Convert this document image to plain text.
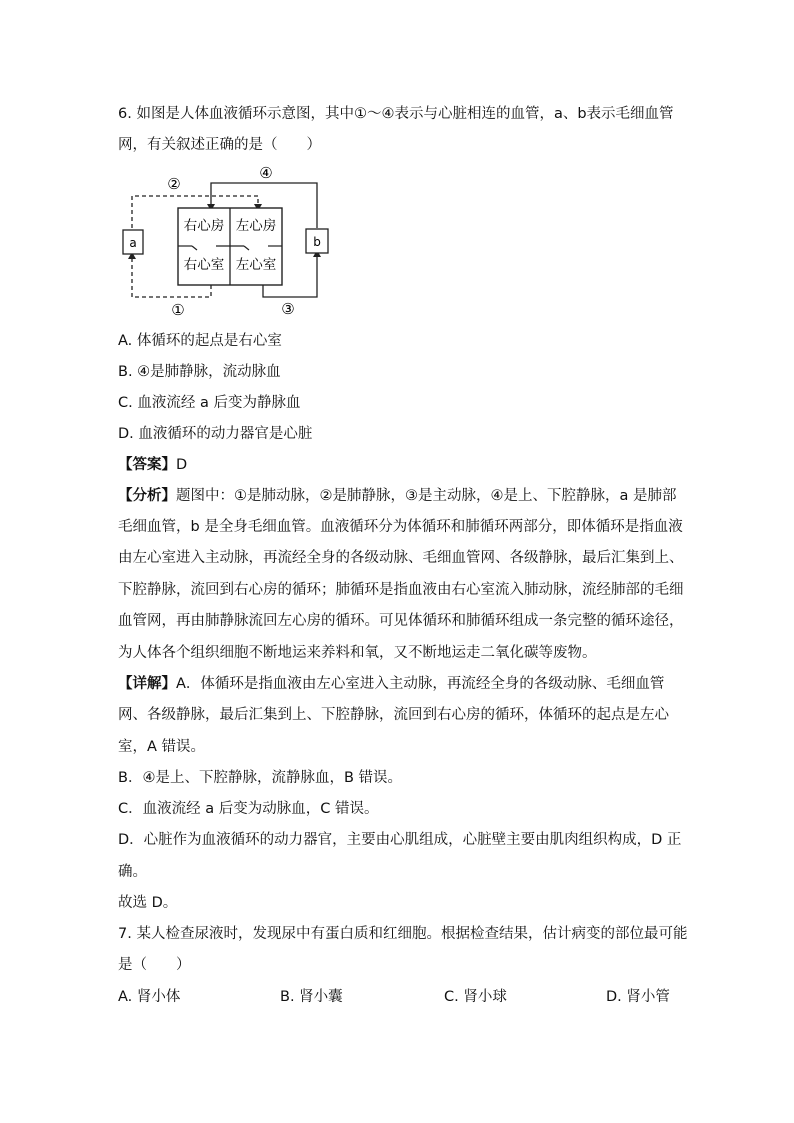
6. 如图是人体血液循环示意图，其中①～④表示与心脏相连的血管，a、b表示毛细血管
网，有关叙述正确的是（　　）
a
②
b
④
右心房 左心房
右心室 左心室
①	③
A. 体循环的起点是右心室
B. ④是肺静脉，流动脉血
C. 血液流经 a 后变为静脉血
D. 血液循环的动力器官是心脏
【答案】D
【分析】题图中：①是肺动脉，②是肺静脉，③是主动脉，④是上、下腔静脉，a 是肺部
毛细血管，b 是全身毛细血管。血液循环分为体循环和肺循环两部分，即体循环是指血液
由左心室进入主动脉，再流经全身的各级动脉、毛细血管网、各级静脉，最后汇集到上、
下腔静脉，流回到右心房的循环；肺循环是指血液由右心室流入肺动脉，流经肺部的毛细
血管网，再由肺静脉流回左心房的循环。可见体循环和肺循环组成一条完整的循环途径，
为人体各个组织细胞不断地运来养料和氧，又不断地运走二氧化碳等废物。
【详解】A．体循环是指血液由左心室进入主动脉，再流经全身的各级动脉、毛细血管
网、各级静脉，最后汇集到上、下腔静脉，流回到右心房的循环，体循环的起点是左心
室，A 错误。
B．④是上、下腔静脉，流静脉血，B 错误。
C．血液流经 a 后变为动脉血，C 错误。
D．心脏作为血液循环的动力器官，主要由心肌组成，心脏壁主要由肌肉组织构成，D 正
确。
故选 D。
7. 某人检查尿液时，发现尿中有蛋白质和红细胞。根据检查结果，估计病变的部位最可能
是（　　）
A. 肾小体	B. 肾小囊	C. 肾小球	D. 肾小管
